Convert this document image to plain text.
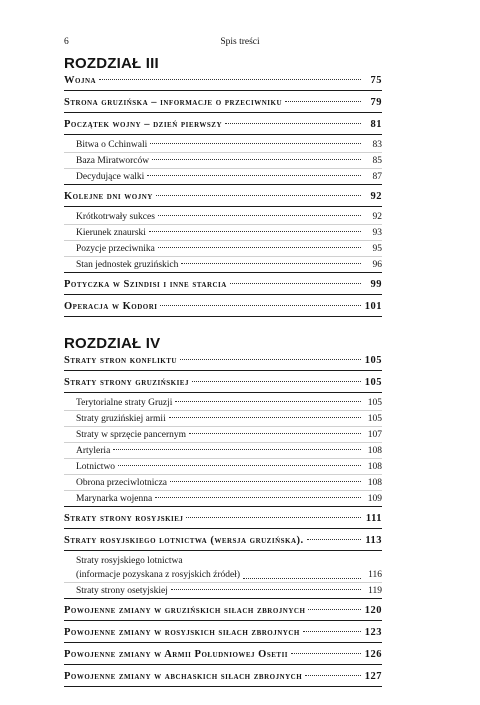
6	Spis treści
ROZDZIAŁ III
Wojna	75
Strona gruzińska – informacje o przeciwniku	79
Początek wojny – dzień pierwszy	81
Bitwa o Cchinwali	83
Baza Miratworców	85
Decydujące walki	87
Kolejne dni wojny	92
Krótkotrwały sukces	92
Kierunek znaurski	93
Pozycje przeciwnika	95
Stan jednostek gruzińskich	96
Potyczka w Szindisi i inne starcia	99
Operacja w Kodori	101
ROZDZIAŁ IV
Straty stron konfliktu	105
Straty strony gruzińskiej	105
Terytorialne straty Gruzji	105
Straty gruzińskiej armii	105
Straty w sprzęcie pancernym	107
Artyleria	108
Lotnictwo	108
Obrona przeciwlotnicza	108
Marynarka wojenna	109
Straty strony rosyjskiej	111
Straty rosyjskiego lotnictwa (wersja gruzińska).	113
Straty rosyjskiego lotnictwa
(informacje pozyskana z rosyjskich źródeł)	116
Straty strony osetyjskiej	119
Powojenne zmiany w gruzińskich siłach zbrojnych	120
Powojenne zmiany w rosyjskich siłach zbrojnych	123
Powojenne zmiany w Armii Południowej Osetii	126
Powojenne zmiany w abchaskich siłach zbrojnych	127
